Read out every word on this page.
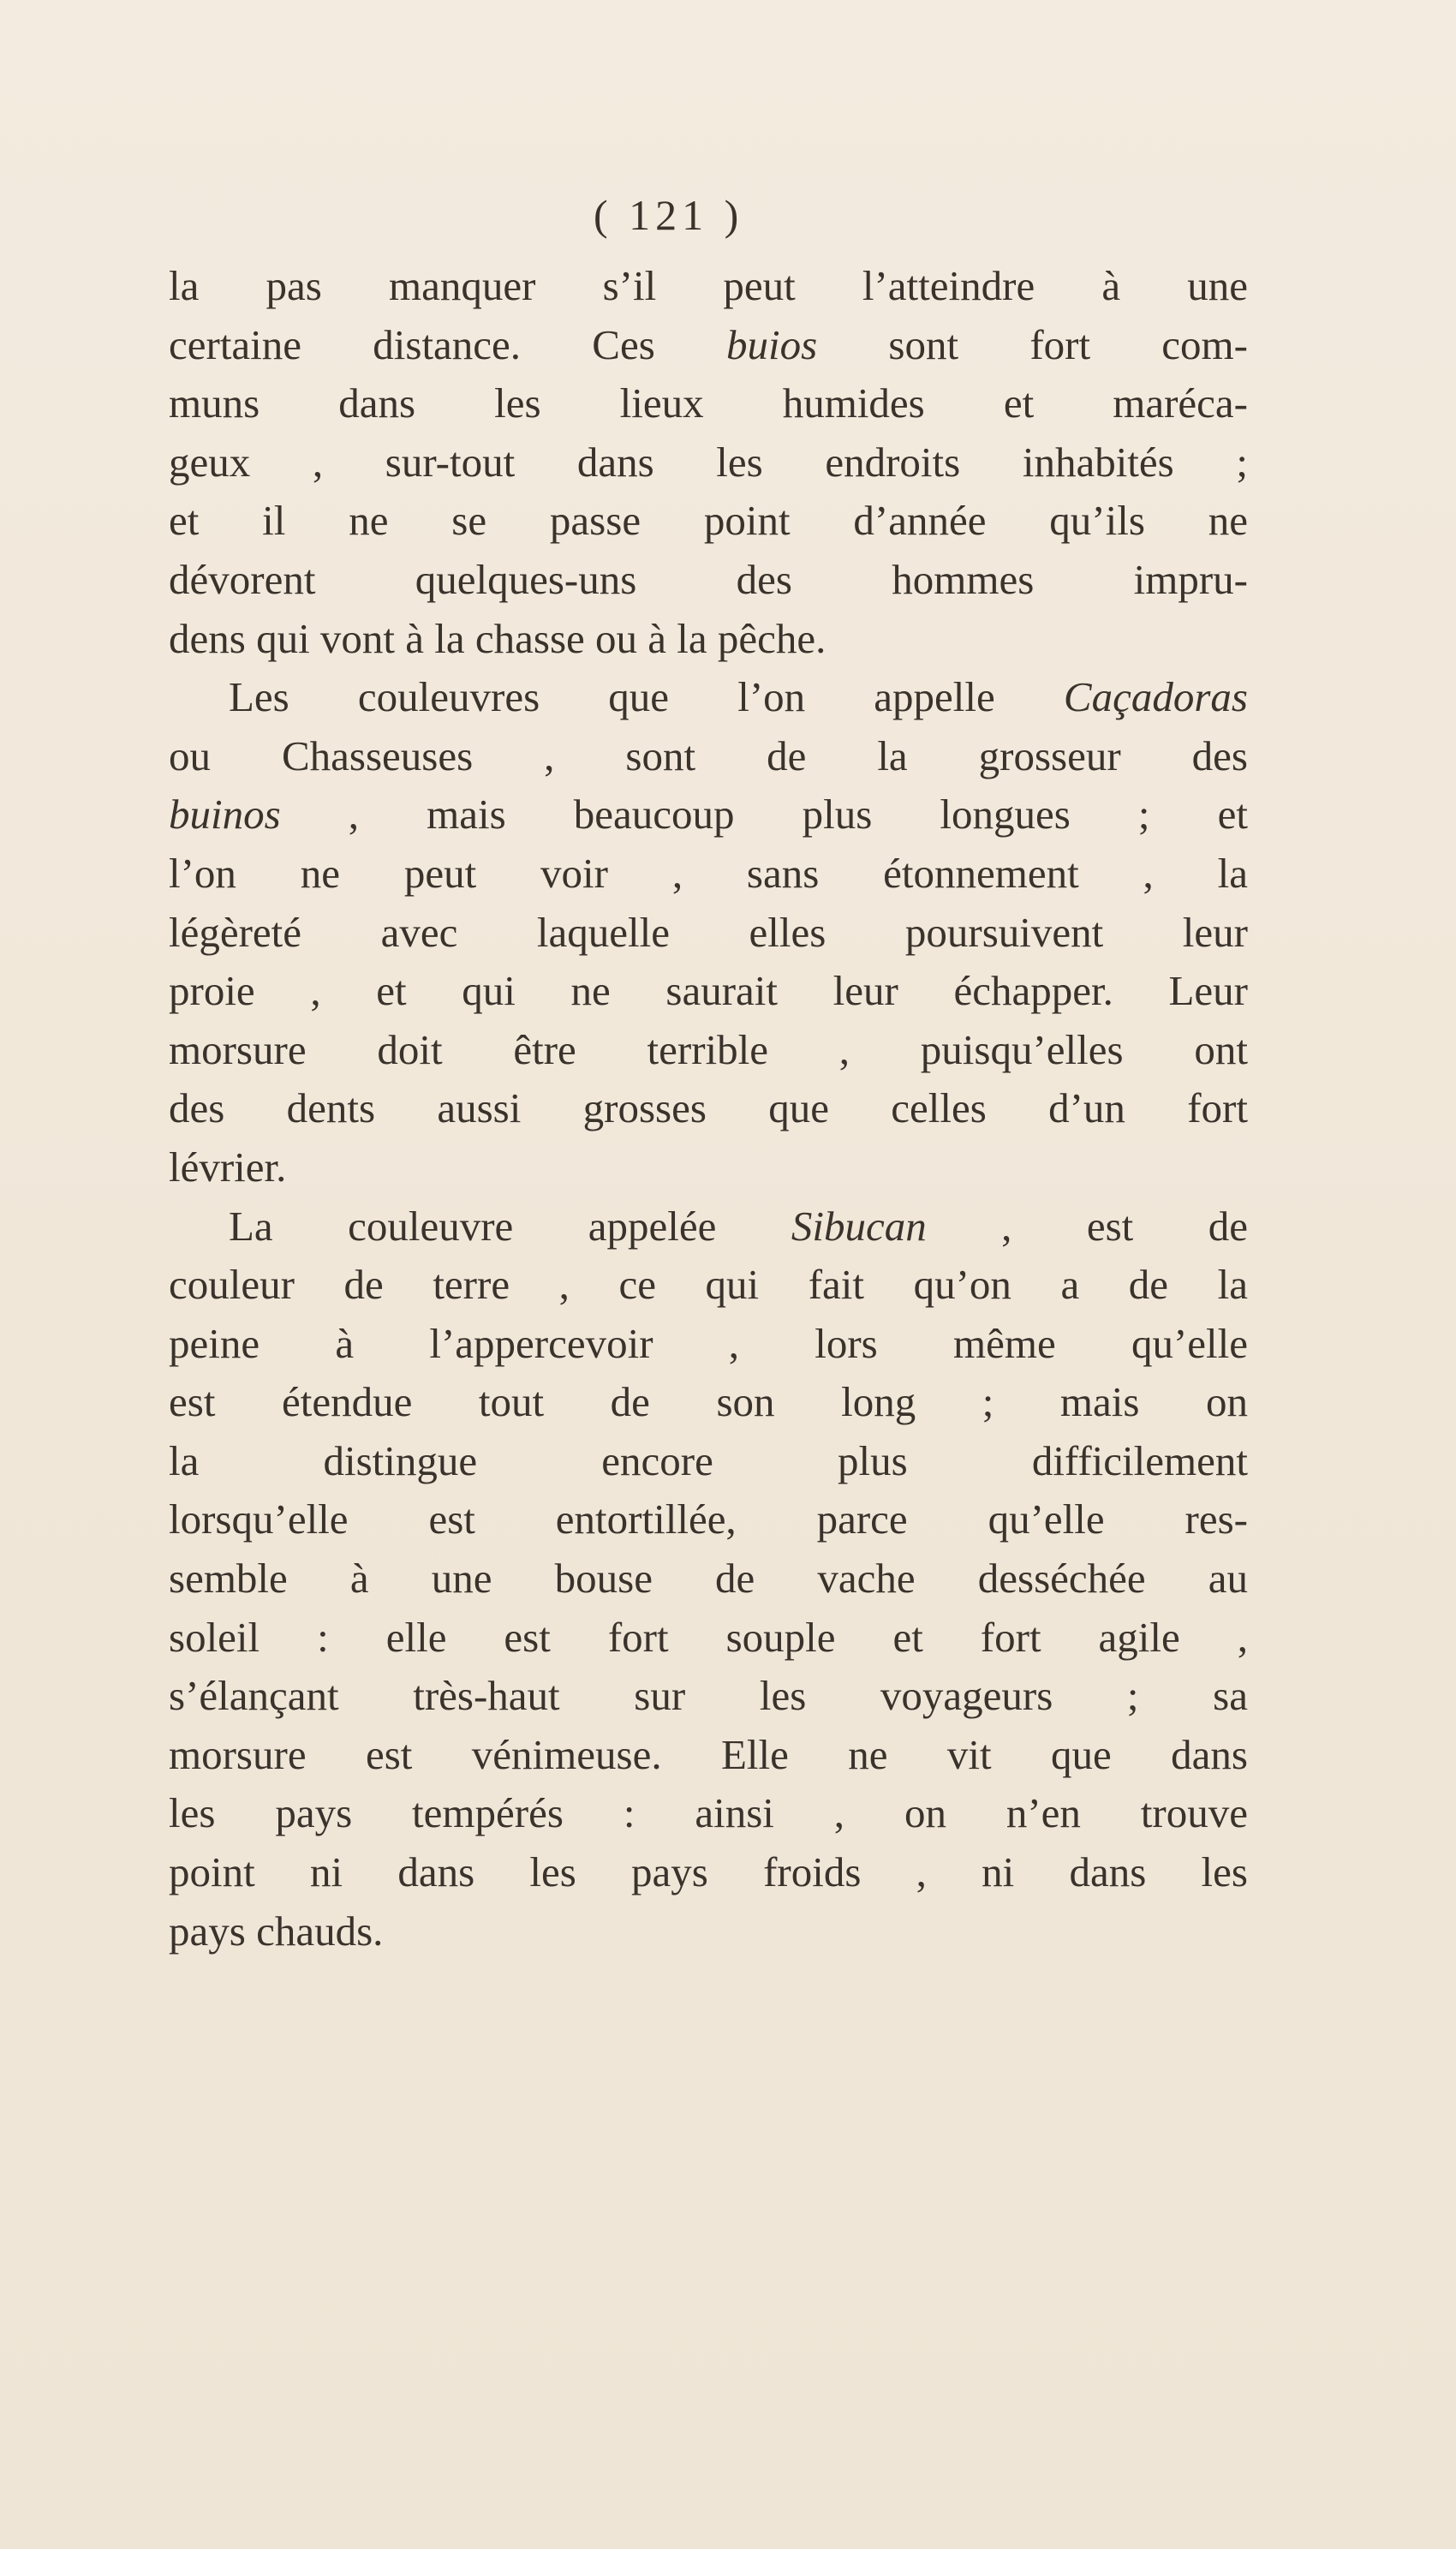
( 121 )
la pas manquer s’il peut l’atteindre à une
certaine distance. Ces buios sont fort com-
muns dans les lieux humides et maréca-
geux , sur-tout dans les endroits inhabités ;
et il ne se passe point d’année qu’ils ne
dévorent quelques-uns des hommes impru-
dens qui vont à la chasse ou à la pêche.
Les couleuvres que l’on appelle Caçadoras
ou Chasseuses , sont de la grosseur des
buinos , mais beaucoup plus longues ; et
l’on ne peut voir , sans étonnement , la
légèreté avec laquelle elles poursuivent leur
proie , et qui ne saurait leur échapper. Leur
morsure doit être terrible , puisqu’elles ont
des dents aussi grosses que celles d’un fort
lévrier.
La couleuvre appelée Sibucan , est de
couleur de terre , ce qui fait qu’on a de la
peine à l’appercevoir , lors même qu’elle
est étendue tout de son long ; mais on
la distingue encore plus difficilement
lorsqu’elle est entortillée, parce qu’elle res-
semble à une bouse de vache desséchée au
soleil : elle est fort souple et fort agile ,
s’élançant très-haut sur les voyageurs ; sa
morsure est vénimeuse. Elle ne vit que dans
les pays tempérés : ainsi , on n’en trouve
point ni dans les pays froids , ni dans les
pays chauds.
